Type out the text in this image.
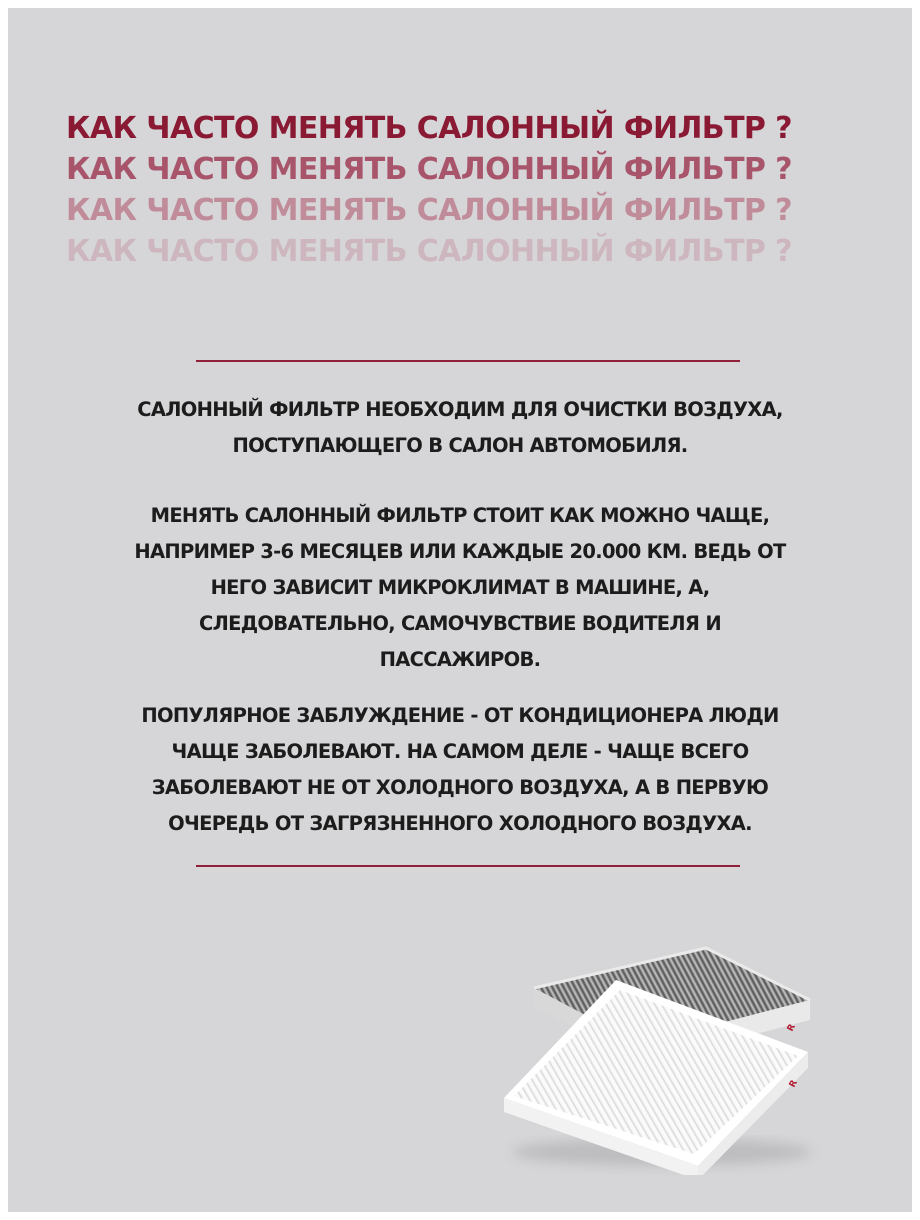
КАК ЧАСТО МЕНЯТЬ САЛОННЫЙ ФИЛЬТР ?

КАК ЧАСТО МЕНЯТЬ САЛОННЫЙ ФИЛЬТР ?

КАК ЧАСТО МЕНЯТЬ САЛОННЫЙ ФИЛЬТР ?

КАК ЧАСТО МЕНЯТЬ САЛОННЫЙ ФИЛЬТР ?

САЛОННЫЙ ФИЛЬТР НЕОБХОДИМ ДЛЯ ОЧИСТКИ ВОЗДУХА,
ПОСТУПАЮЩЕГО В САЛОН АВТОМОБИЛЯ.

МЕНЯТЬ САЛОННЫЙ ФИЛЬТР СТОИТ КАК МОЖНО ЧАЩЕ,
НАПРИМЕР 3-6 МЕСЯЦЕВ ИЛИ КАЖДЫЕ 20.000 КМ. ВЕДЬ ОТ
НЕГО ЗАВИСИТ МИКРОКЛИМАТ В МАШИНЕ, А,
СЛЕДОВАТЕЛЬНО, САМОЧУВСТВИЕ ВОДИТЕЛЯ И
ПАССАЖИРОВ.

ПОПУЛЯРНОЕ ЗАБЛУЖДЕНИЕ - ОТ КОНДИЦИОНЕРА ЛЮДИ
ЧАЩЕ ЗАБОЛЕВАЮТ. НА САМОМ ДЕЛЕ - ЧАЩЕ ВСЕГО
ЗАБОЛЕВАЮТ НЕ ОТ ХОЛОДНОГО ВОЗДУХА, А В ПЕРВУЮ
ОЧЕРЕДЬ ОТ ЗАГРЯЗНЕННОГО ХОЛОДНОГО ВОЗДУХА.

R
R
